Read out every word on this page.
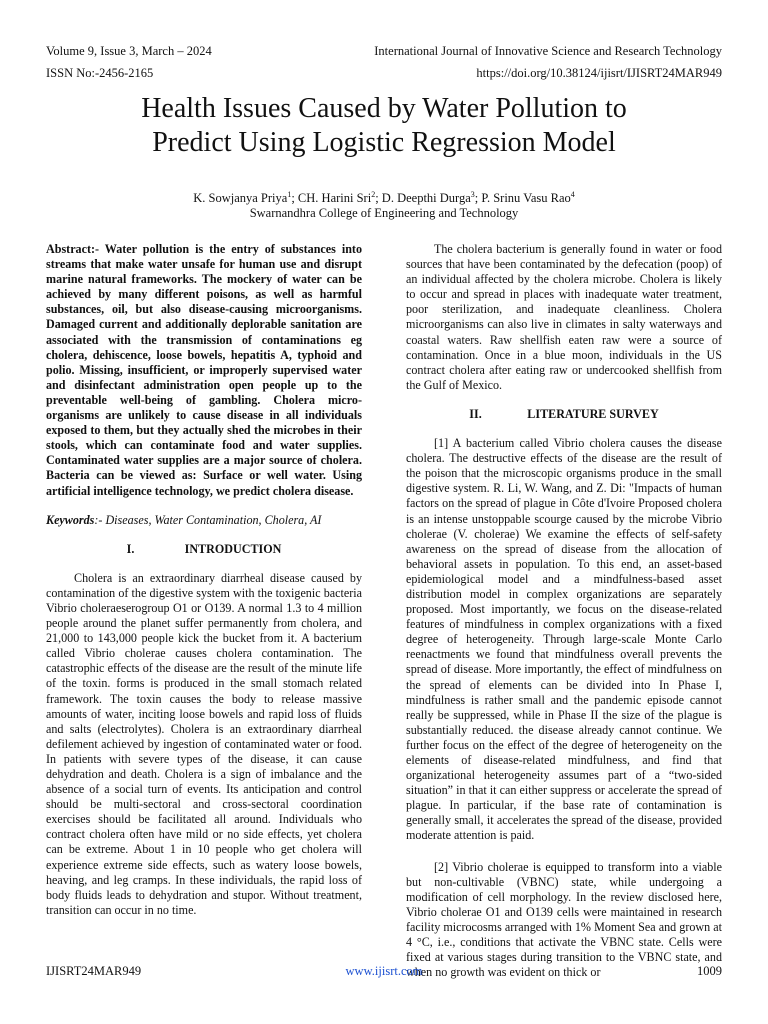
Volume 9, Issue 3, March – 2024	International Journal of Innovative Science and Research Technology
ISSN No:-2456-2165	https://doi.org/10.38124/ijisrt/IJISRT24MAR949
Health Issues Caused by Water Pollution to
Predict Using Logistic Regression Model
K. Sowjanya Priya$^1$; CH. Harini Sri$^2$; D. Deepthi Durga$^3$; P. Srinu Vasu Rao$^4$
Swarnandhra College of Engineering and Technology

Abstract:- Water pollution is the entry of substances into streams that make water unsafe for human use and disrupt marine natural frameworks. The mockery of water can be achieved by many different poisons, as well as harmful substances, oil, but also disease-causing microorganisms. Damaged current and additionally deplorable sanitation are associated with the transmission of contaminations eg cholera, dehiscence, loose bowels, hepatitis A, typhoid and polio. Missing, insufficient, or improperly supervised water and disinfectant administration open people up to the preventable well-being of gambling. Cholera micro-organisms are unlikely to cause disease in all individuals exposed to them, but they actually shed the microbes in their stools, which can contaminate food and water supplies. Contaminated water supplies are a major source of cholera. Bacteria can be viewed as: Surface or well water. Using artificial intelligence technology, we predict cholera disease.

Keywords:- Diseases, Water Contamination, Cholera, AI

I.	INTRODUCTION

Cholera is an extraordinary diarrheal disease caused by contamination of the digestive system with the toxigenic bacteria Vibrio choleraeserogroup O1 or O139. A normal 1.3 to 4 million people around the planet suffer permanently from cholera, and 21,000 to 143,000 people kick the bucket from it. A bacterium called Vibrio cholerae causes cholera contamination. The catastrophic effects of the disease are the result of the minute life of the toxin. forms is produced in the small stomach related framework. The toxin causes the body to release massive amounts of water, inciting loose bowels and rapid loss of fluids and salts (electrolytes). Cholera is an extraordinary diarrheal defilement achieved by ingestion of contaminated water or food. In patients with severe types of the disease, it can cause dehydration and death. Cholera is a sign of imbalance and the absence of a social turn of events. Its anticipation and control should be multi-sectoral and cross-sectoral coordination exercises should be facilitated all around. Individuals who contract cholera often have mild or no side effects, yet cholera can be extreme. About 1 in 10 people who get cholera will experience extreme side effects, such as watery loose bowels, heaving, and leg cramps. In these individuals, the rapid loss of body fluids leads to dehydration and stupor. Without treatment, transition can occur in no time.

The cholera bacterium is generally found in water or food sources that have been contaminated by the defecation (poop) of an individual affected by the cholera microbe. Cholera is likely to occur and spread in places with inadequate water treatment, poor sterilization, and inadequate cleanliness. Cholera microorganisms can also live in climates in salty waterways and coastal waters. Raw shellfish eaten raw were a source of contamination. Once in a blue moon, individuals in the US contract cholera after eating raw or undercooked shellfish from the Gulf of Mexico.

II.	LITERATURE SURVEY

[1] A bacterium called Vibrio cholera causes the disease cholera. The destructive effects of the disease are the result of the poison that the microscopic organisms produce in the small digestive system. R. Li, W. Wang, and Z. Di: "Impacts of human factors on the spread of plague in Côte d'Ivoire Proposed cholera is an intense unstoppable scourge caused by the microbe Vibrio cholerae (V. cholerae) We examine the effects of self-safety awareness on the spread of disease from the allocation of behavioral assets in population. To this end, an asset-based epidemiological model and a mindfulness-based asset distribution model in complex organizations are separately proposed. Most importantly, we focus on the disease-related features of mindfulness in complex organizations with a fixed degree of heterogeneity. Through large-scale Monte Carlo reenactments we found that mindfulness overall prevents the spread of disease. More importantly, the effect of mindfulness on the spread of elements can be divided into In Phase I, mindfulness is rather small and the pandemic episode cannot really be suppressed, while in Phase II the size of the plague is substantially reduced. the disease already cannot continue. We further focus on the effect of the degree of heterogeneity on the elements of disease-related mindfulness, and find that organizational heterogeneity assumes part of a “two-sided situation” in that it can either suppress or accelerate the spread of plague. In particular, if the base rate of contamination is generally small, it accelerates the spread of the disease, provided moderate attention is paid.

[2] Vibrio cholerae is equipped to transform into a viable but non-cultivable (VBNC) state, while undergoing a modification of cell morphology. In the review disclosed here, Vibrio cholerae O1 and O139 cells were maintained in research facility microcosms arranged with 1% Moment Sea and grown at 4 °C, i.e., conditions that activate the VBNC state. Cells were fixed at various stages during transition to the VBNC state, and when no growth was evident on thick or

IJISRT24MAR949	www.ijisrt.com	1009
